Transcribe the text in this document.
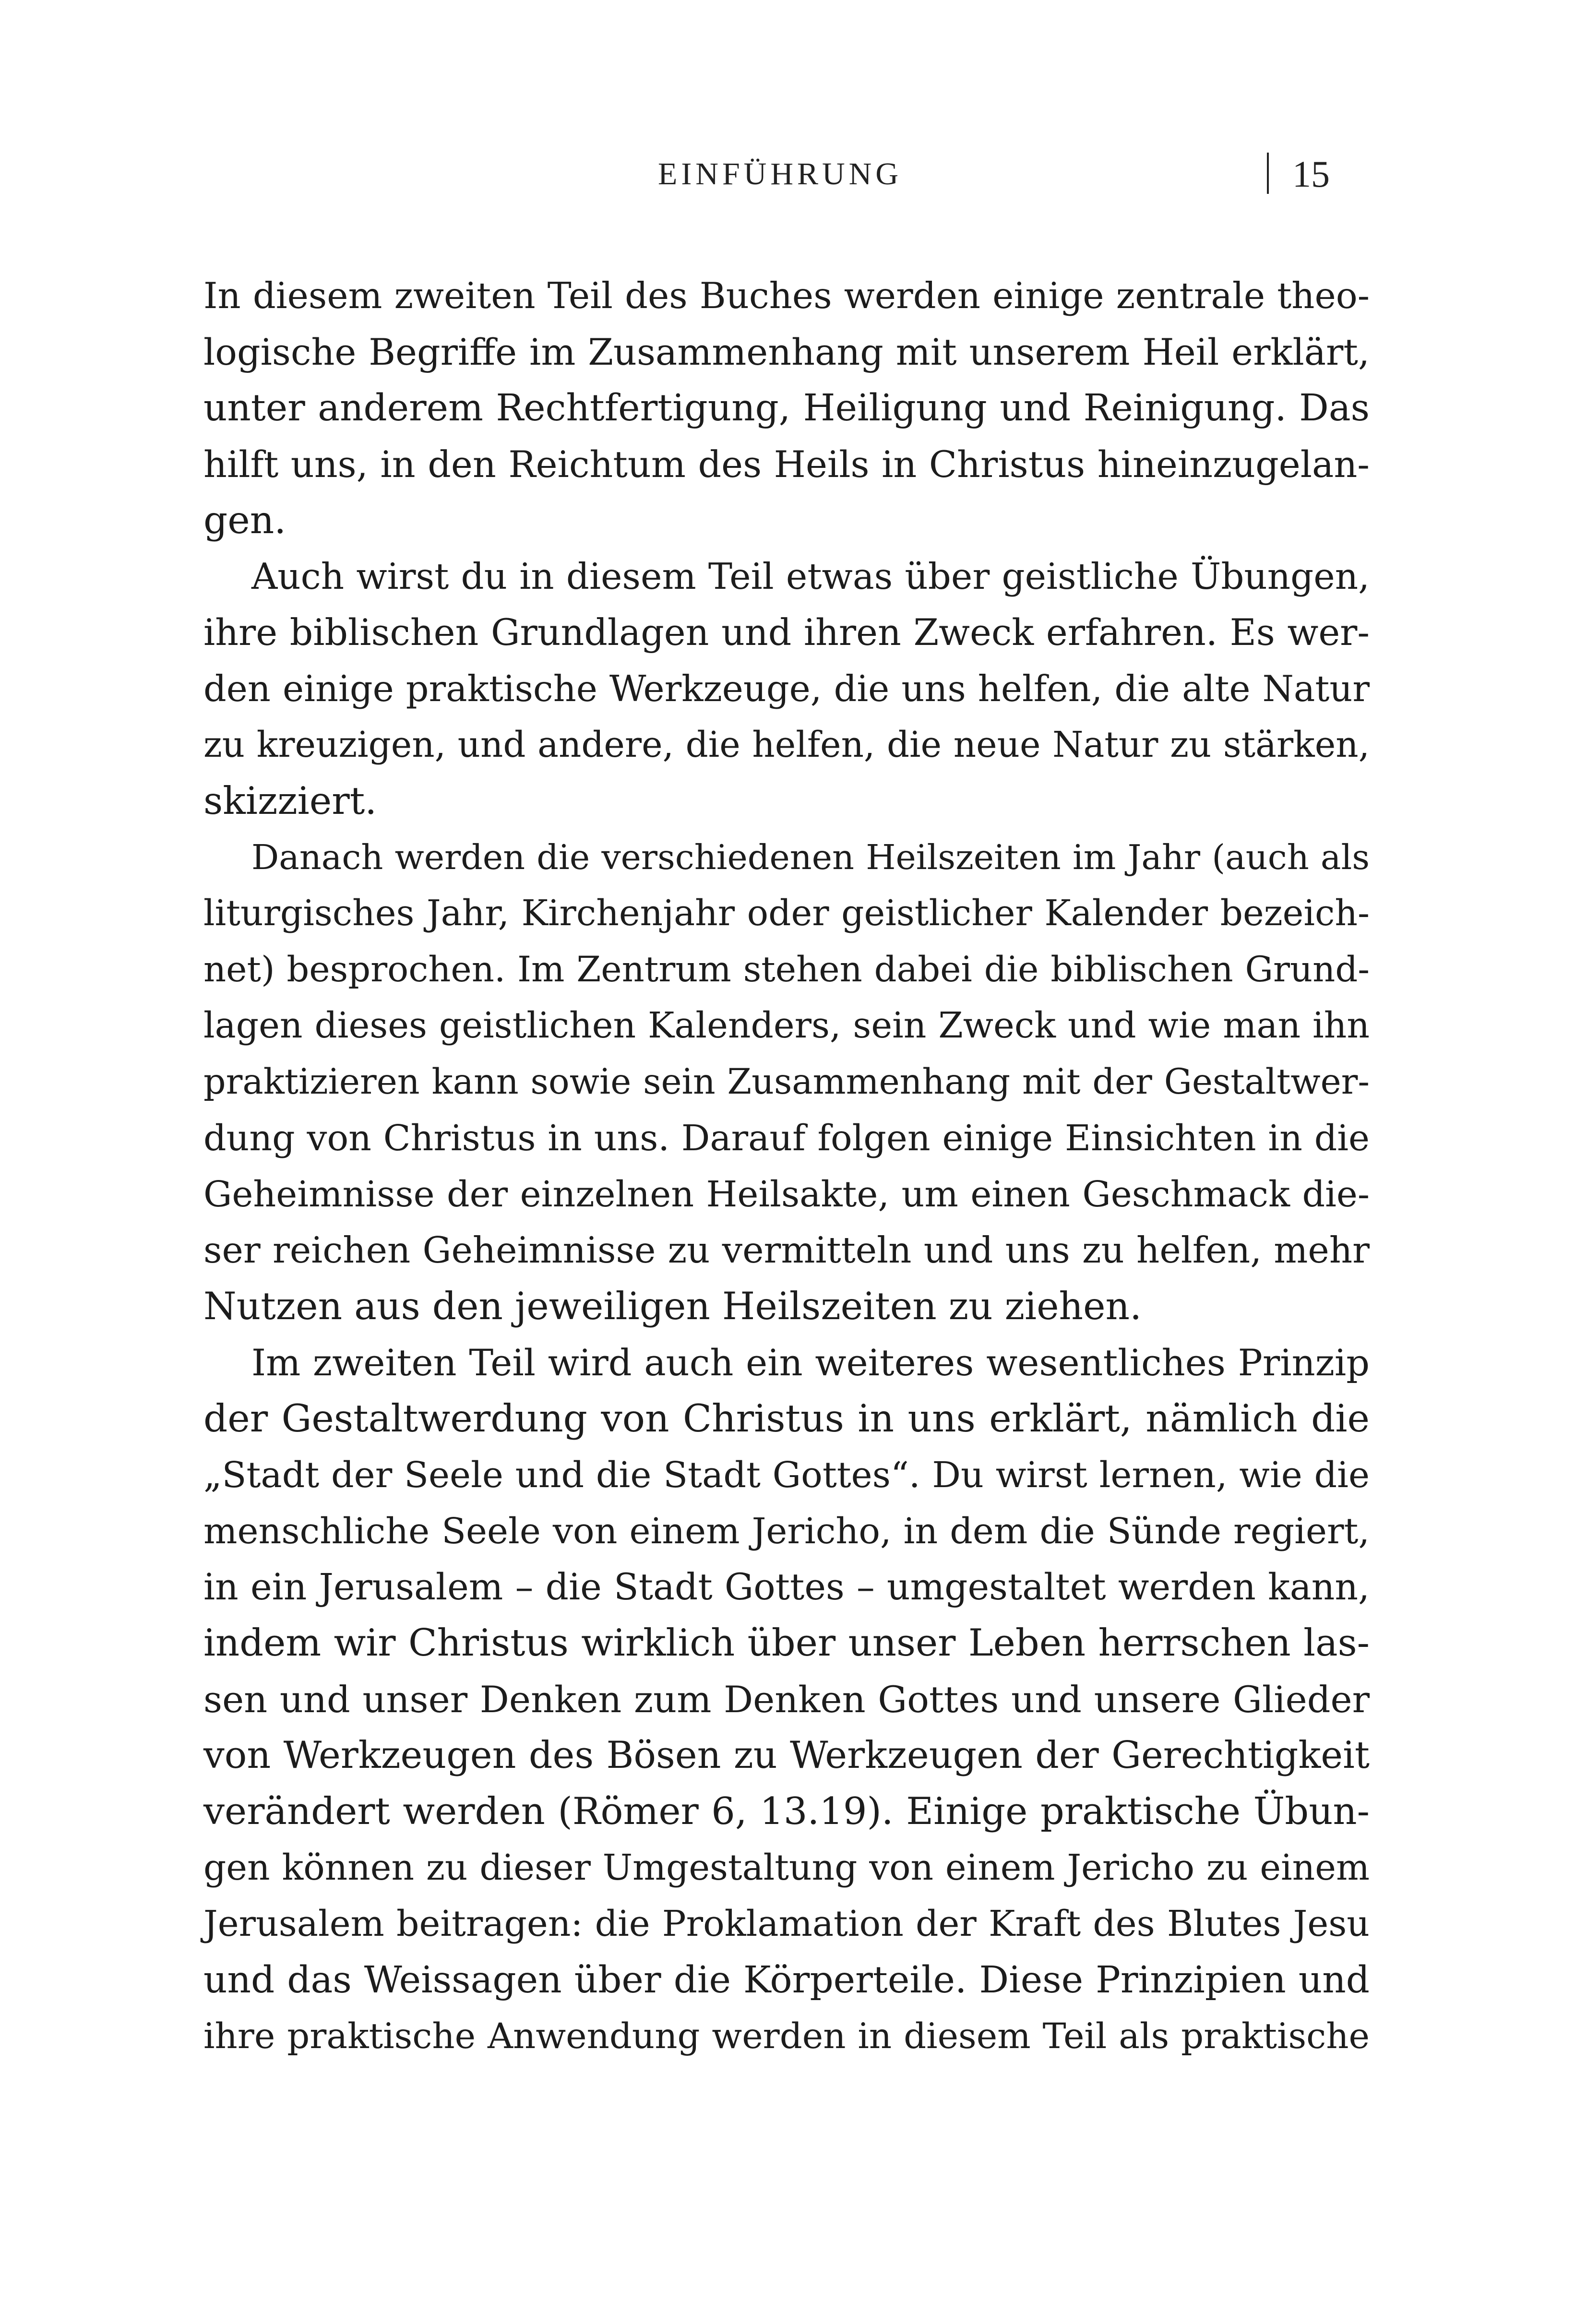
EINFÜHRUNG	15
In diesem zweiten Teil des Buches werden einige zentrale theo-
logische Begriffe im Zusammenhang mit unserem Heil erklärt,
unter anderem Rechtfertigung, Heiligung und Reinigung. Das
hilft uns, in den Reichtum des Heils in Christus hineinzugelan-
gen.
Auch wirst du in diesem Teil etwas über geistliche Übungen,
ihre biblischen Grundlagen und ihren Zweck erfahren. Es wer-
den einige praktische Werkzeuge, die uns helfen, die alte Natur
zu kreuzigen, und andere, die helfen, die neue Natur zu stärken,
skizziert.
Danach werden die verschiedenen Heilszeiten im Jahr (auch als
liturgisches Jahr, Kirchenjahr oder geistlicher Kalender bezeich-
net) besprochen. Im Zentrum stehen dabei die biblischen Grund-
lagen dieses geistlichen Kalenders, sein Zweck und wie man ihn
praktizieren kann sowie sein Zusammenhang mit der Gestaltwer-
dung von Christus in uns. Darauf folgen einige Einsichten in die
Geheimnisse der einzelnen Heilsakte, um einen Geschmack die-
ser reichen Geheimnisse zu vermitteln und uns zu helfen, mehr
Nutzen aus den jeweiligen Heilszeiten zu ziehen.
Im zweiten Teil wird auch ein weiteres wesentliches Prinzip
der Gestaltwerdung von Christus in uns erklärt, nämlich die
„Stadt der Seele und die Stadt Gottes“. Du wirst lernen, wie die
menschliche Seele von einem Jericho, in dem die Sünde regiert,
in ein Jerusalem – die Stadt Gottes – umgestaltet werden kann,
indem wir Christus wirklich über unser Leben herrschen las-
sen und unser Denken zum Denken Gottes und unsere Glieder
von Werkzeugen des Bösen zu Werkzeugen der Gerechtigkeit
verändert werden (Römer 6, 13.19). Einige praktische Übun-
gen können zu dieser Umgestaltung von einem Jericho zu einem
Jerusalem beitragen: die Proklamation der Kraft des Blutes Jesu
und das Weissagen über die Körperteile. Diese Prinzipien und
ihre praktische Anwendung werden in diesem Teil als praktische
